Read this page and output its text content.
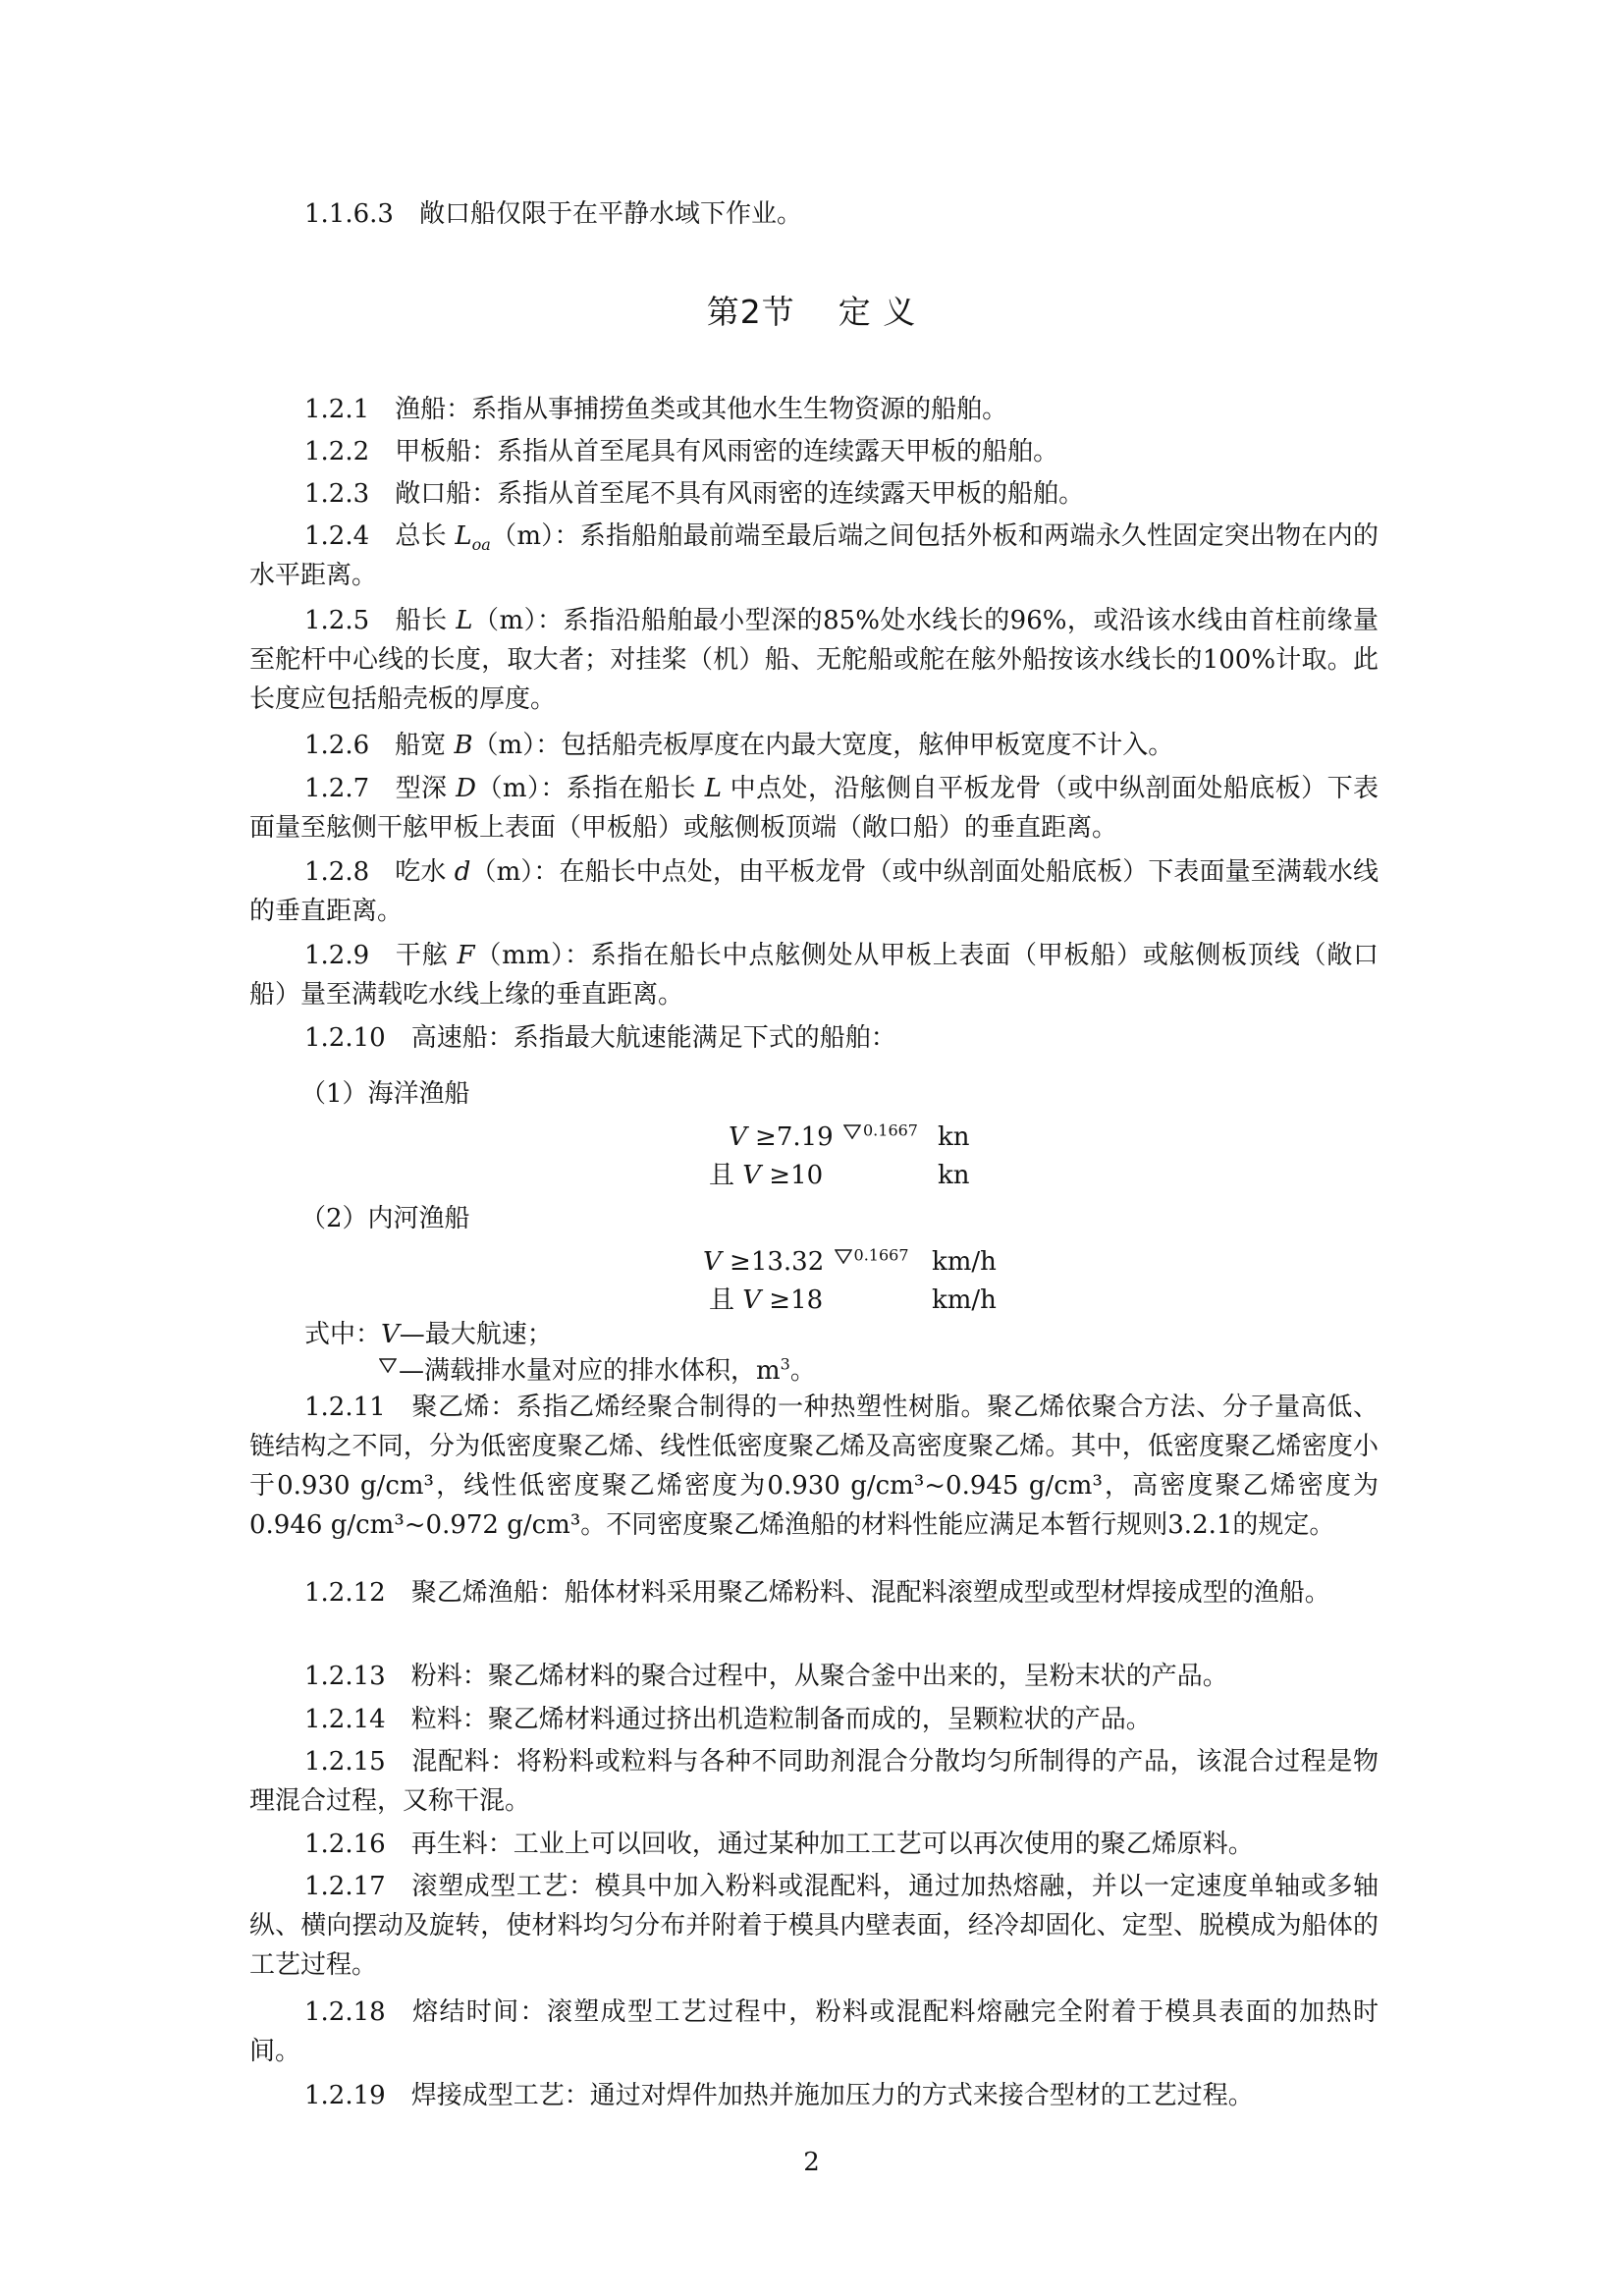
1.1.6.3 敞口船仅限于在平静水域下作业。
第2节 定 义
1.2.1 渔船：系指从事捕捞鱼类或其他水生生物资源的船舶。
1.2.2 甲板船：系指从首至尾具有风雨密的连续露天甲板的船舶。
1.2.3 敞口船：系指从首至尾不具有风雨密的连续露天甲板的船舶。
1.2.4 总长 $L_{oa}(m)$：系指船舶最前端至最后端之间包括外板和两端永久性固定突出物在内的水平距离。
1.2.5 船长 L（m）：系指沿船舶最小型深的85%处水线长的96%，或沿该水线由首柱前缘量至舵杆中心线的长度，取大者；对挂桨（机）船、无舵船或舵在舷外船按该水线长的100%计取。此长度应包括船壳板的厚度。
1.2.6 船宽 B（m）：包括船壳板厚度在内最大宽度，舷伸甲板宽度不计入。
1.2.7 型深 D（m）：系指在船长 L 中点处，沿舷侧自平板龙骨（或中纵剖面处船底板）下表面量至舷侧干舷甲板上表面（甲板船）或舷侧板顶端（敞口船）的垂直距离。
1.2.8 吃水 d（m）：在船长中点处，由平板龙骨（或中纵剖面处船底板）下表面量至满载水线的垂直距离。
1.2.9 干舷 F（mm）：系指在船长中点舷侧处从甲板上表面（甲板船）或舷侧板顶线（敞口船）量至满载吃水线上缘的垂直距离。
1.2.10 高速船：系指最大航速能满足下式的船舶：
（1）海洋渔船
V ≥7.19
$^{0.1667}$ kn
且 V ≥10	kn
（2）内河渔船
V ≥13.32
$^{0.1667}$ km/h
且 V ≥18	km/h
式中：V—最大航速；
—满载排水量对应的排水体积，$m^3$。
1.2.11 聚乙烯：系指乙烯经聚合制得的一种热塑性树脂。聚乙烯依聚合方法、分子量高低、链结构之不同，分为低密度聚乙烯、线性低密度聚乙烯及高密度聚乙烯。其中，低密度聚乙烯密度小于0.930 g/cm³，线性低密度聚乙烯密度为0.930 g/cm³~0.945 g/cm³，高密度聚乙烯密度为0.946 g/cm³~0.972 g/cm³。不同密度聚乙烯渔船的材料性能应满足本暂行规则3.2.1的规定。
1.2.12 聚乙烯渔船：船体材料采用聚乙烯粉料、混配料滚塑成型或型材焊接成型的渔船。
1.2.13 粉料：聚乙烯材料的聚合过程中，从聚合釜中出来的，呈粉末状的产品。
1.2.14 粒料：聚乙烯材料通过挤出机造粒制备而成的，呈颗粒状的产品。
1.2.15 混配料：将粉料或粒料与各种不同助剂混合分散均匀所制得的产品，该混合过程是物理混合过程，又称干混。
1.2.16 再生料：工业上可以回收，通过某种加工工艺可以再次使用的聚乙烯原料。
1.2.17 滚塑成型工艺：模具中加入粉料或混配料，通过加热熔融，并以一定速度单轴或多轴纵、横向摆动及旋转，使材料均匀分布并附着于模具内壁表面，经冷却固化、定型、脱模成为船体的工艺过程。
1.2.18 熔结时间：滚塑成型工艺过程中，粉料或混配料熔融完全附着于模具表面的加热时间。
1.2.19 焊接成型工艺：通过对焊件加热并施加压力的方式来接合型材的工艺过程。
2
